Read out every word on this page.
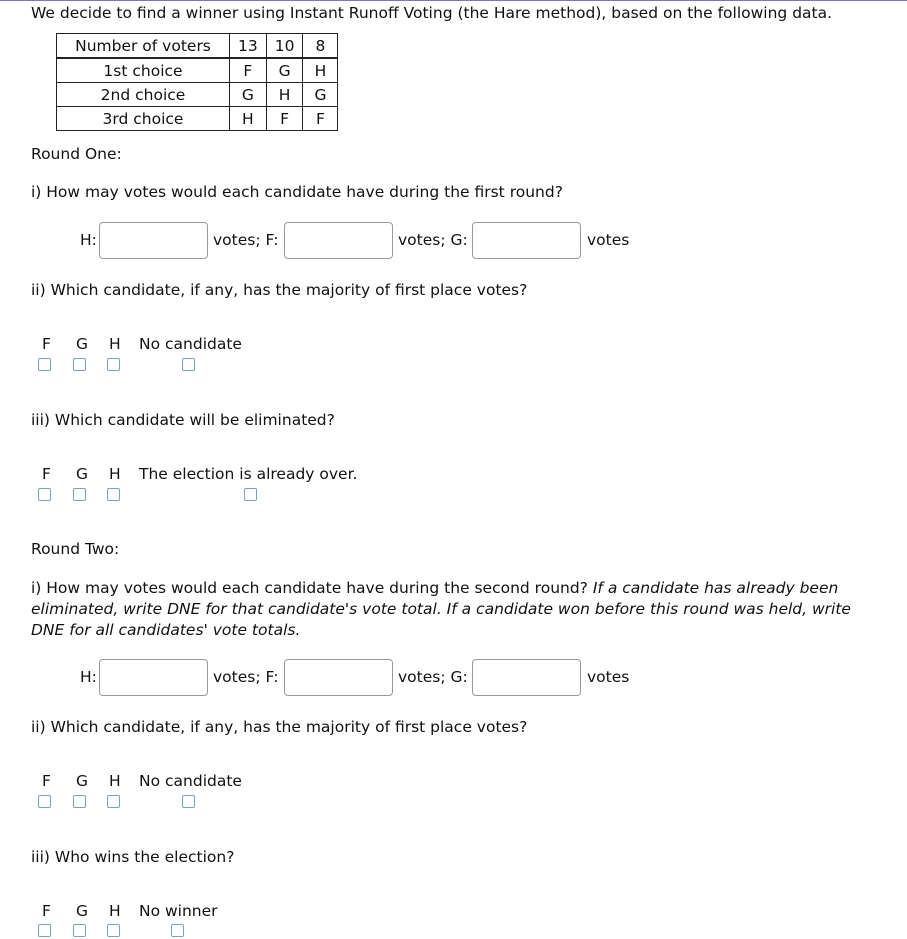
We decide to find a winner using Instant Runoff Voting (the Hare method), based on the following data.
Number of voters	13	10	8
1st choice	F	G	H
2nd choice	G	H	G
3rd choice	H	F	F
Round One:
i) How may votes would each candidate have during the first round?
H:	votes; F:	votes; G:	votes
ii) Which candidate, if any, has the majority of first place votes?
F G H No candidate
iii) Which candidate will be eliminated?
F G H The election is already over.
Round Two:
i) How may votes would each candidate have during the second round? If a candidate has already been eliminated, write DNE for that candidate's vote total. If a candidate won before this round was held, write DNE for all candidates' vote totals.
H:	votes; F:	votes; G:	votes
ii) Which candidate, if any, has the majority of first place votes?
F G H No candidate
iii) Who wins the election?
F G H No winner
